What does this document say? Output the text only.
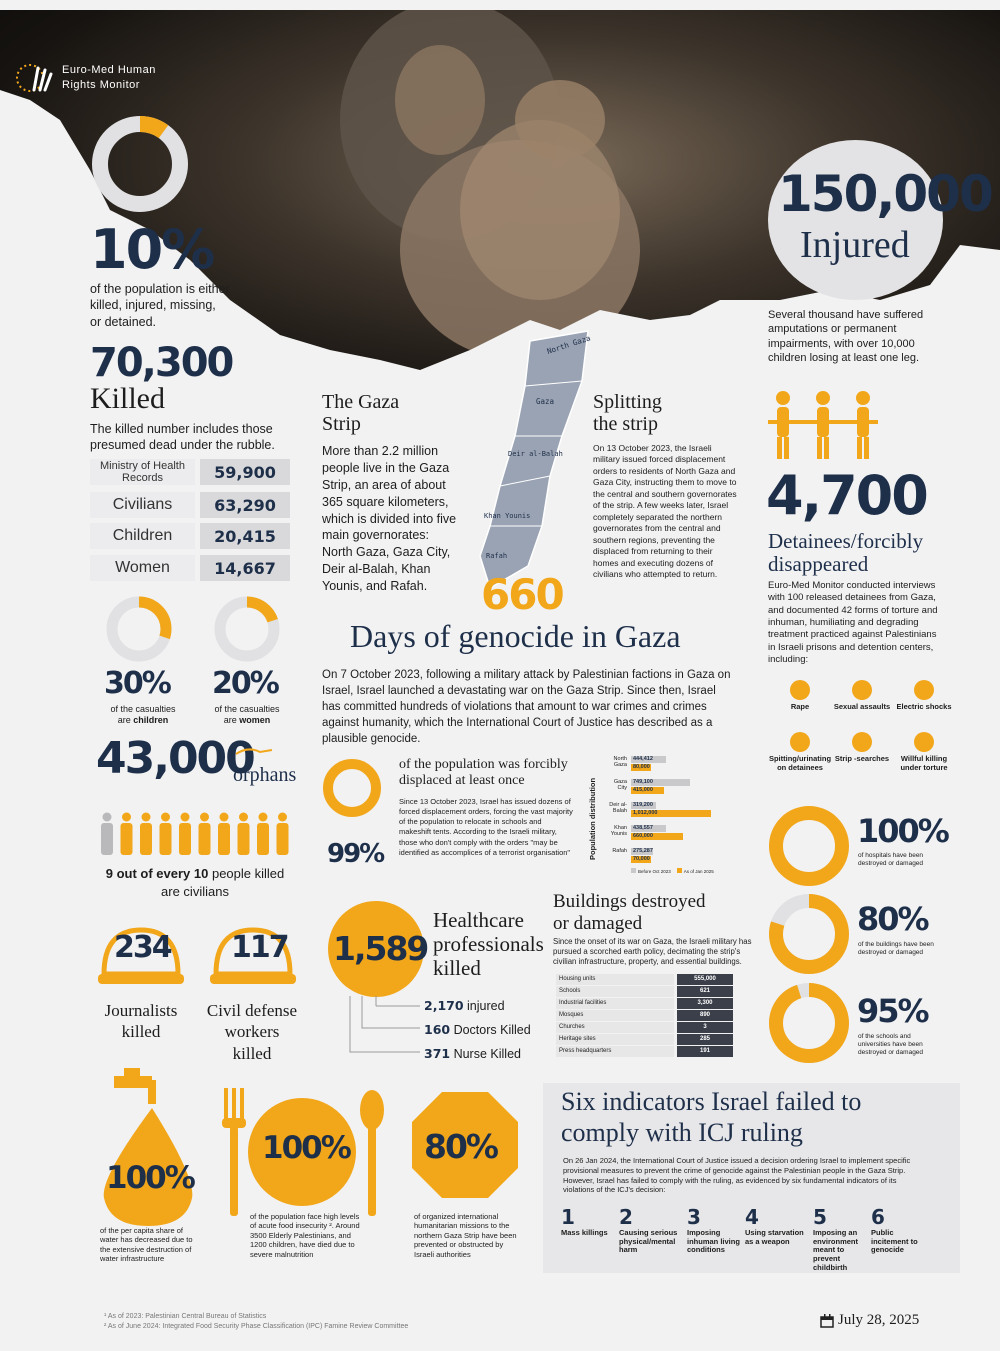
Euro-Med Human
Rights Monitor
10%
of the population is either killed, injured, missing, or detained.
150,000
Injured
Several thousand have suffered amputations or permanent impairments, with over 10,000 children losing at least one leg.
70,300
Killed
The killed number includes those presumed dead under the rubble.
Ministry of Health Records	59,900
Civilians	63,290
Children	20,415
Women	14,667
30%
of the casualties
are children
20%
of the casualties
are women
43,000
orphans
9 out of every 10 people killed are civilians
234
Journalists
killed
117
Civil defense
workers
killed
The Gaza
Strip
More than 2.2 million people live in the Gaza Strip, an area of about 365 square kilometers, which is divided into five main governorates: North Gaza, Gaza City, Deir al-Balah, Khan Younis, and Rafah.
North Gaza
Gaza
Deir al-Balah
Khan Younis
Rafah
Splitting
the strip
On 13 October 2023, the Israeli military issued forced displacement orders to residents of North Gaza and Gaza City, instructing them to move to the central and southern governorates of the strip. A few weeks later, Israel completely separated the northern governorates from the central and southern regions, preventing the displaced from returning to their homes and executing dozens of civilians who attempted to return.
660
Days of genocide in Gaza
On 7 October 2023, following a military attack by Palestinian factions in Gaza on Israel, Israel launched a devastating war on the Gaza Strip. Since then, Israel has committed hundreds of violations that amount to war crimes and crimes against humanity, which the International Court of Justice has described as a plausible genocide.
99%
of the population was forcibly displaced at least once
Since 13 October 2023, Israel has issued dozens of forced displacement orders, forcing the vast majority of the population to relocate in schools and makeshift tents. According to the Israeli military, those who don't comply with the orders "may be identified as accomplices of a terrorist organisation"	Population distribution
North Gaza
444,412
80,000
Gaza City
749,100
415,000
Deir al-Balah
319,200
1,012,000
Khan Younis
438,557
660,000
Rafah	275,287
70,000
Before Oct 2023	As of Jan 2025
4,700
Detainees/forcibly
disappeared
Euro-Med Monitor conducted interviews with 100 released detainees from Gaza, and documented 42 forms of torture and inhuman, humiliating and degrading treatment practiced against Palestinians in Israeli prisons and detention centers, including:
Rape	Sexual assaults Electric shocks
Spitting/urinating on detainees
Strip -searches	Willful killing under torture
100%
of hospitals have been destroyed or damaged
80%
of the buildings have been destroyed or damaged
95%
of the schools and universities have been destroyed or damaged
1,589
Healthcare
professionals
killed
2,170 injured
160 Doctors Killed
371 Nurse Killed
Buildings destroyed
or damaged
Since the onset of its war on Gaza, the Israeli military has pursued a scorched earth policy, decimating the strip's civilian infrastructure, property, and essential buildings.
Housing units	555,000
Schools	621
Industrial facilities	3,300
Mosques	890
Churches	3
Heritage sites	285
Press headquarters	191
100%
of the per capita share of water has decreased due to the extensive destruction of water infrastructure
100%
of the population face high levels of acute food insecurity ². Around 3500 Elderly Palestinians, and 1200 children, have died due to severe malnutrition
80%
of organized international humanitarian missions to the northern Gaza Strip have been prevented or obstructed by Israeli authorities
Six indicators Israel failed to
comply with ICJ ruling
On 26 Jan 2024, the International Court of Justice issued a decision ordering Israel to implement specific provisional measures to prevent the crime of genocide against the Palestinian people in the Gaza Strip. However, Israel has failed to comply with the ruling, as evidenced by six fundamental indicators of its violations of the ICJ's decision:
1
Mass killings
2
Causing serious physical/mental harm
3
Imposing inhuman living conditions
4
Using starvation as a weapon
5
Imposing an environment meant to prevent childbirth
6
Public incitement to genocide
¹ As of 2023: Palestinian Central Bureau of Statistics
² As of June 2024: Integrated Food Security Phase Classification (IPC) Famine Review Committee	July 28, 2025
